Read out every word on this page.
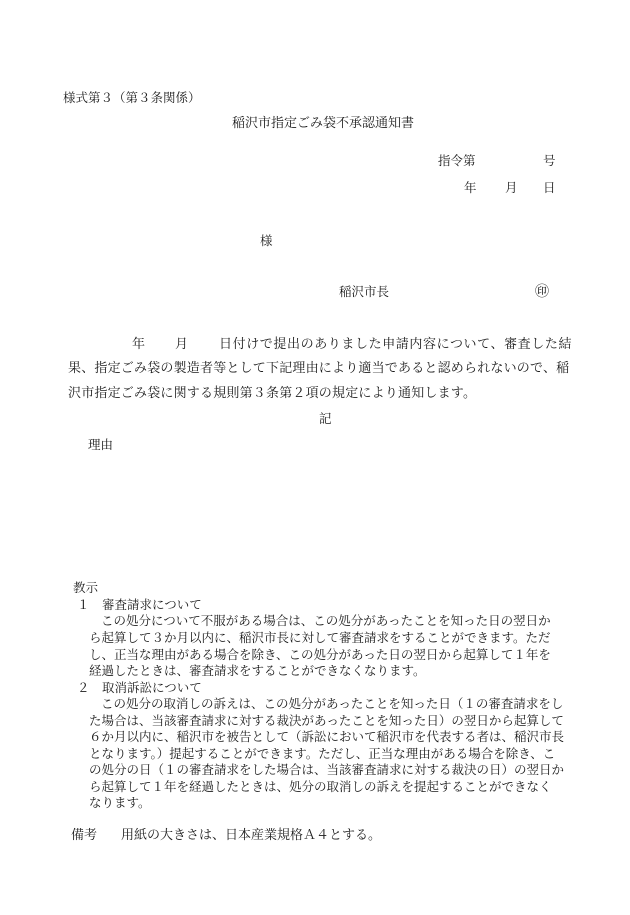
様式第３（第３条関係）
稲沢市指定ごみ袋不承認通知書
指令第	号
年 月 日
様
稲沢市長	㊞
年 月 日付けで提出のありました申請内容について、審査した結
果、指定ごみ袋の製造者等として下記理由により適当であると認められないので、稲
沢市指定ごみ袋に関する規則第３条第２項の規定により通知します。
記
理由
教示
１　審査請求について
この処分について不服がある場合は、この処分があったことを知った日の翌日か
ら起算して３か月以内に、稲沢市長に対して審査請求をすることができます。ただ
し、正当な理由がある場合を除き、この処分があった日の翌日から起算して１年を
経過したときは、審査請求をすることができなくなります。
２　取消訴訟について
この処分の取消しの訴えは、この処分があったことを知った日（１の審査請求をし
た場合は、当該審査請求に対する裁決があったことを知った日）の翌日から起算して
６か月以内に、稲沢市を被告として（訴訟において稲沢市を代表する者は、稲沢市長
となります。）提起することができます。ただし、正当な理由がある場合を除き、こ
の処分の日（１の審査請求をした場合は、当該審査請求に対する裁決の日）の翌日か
ら起算して１年を経過したときは、処分の取消しの訴えを提起することができなく
なります。
備考 用紙の大きさは、日本産業規格Ａ４とする。
